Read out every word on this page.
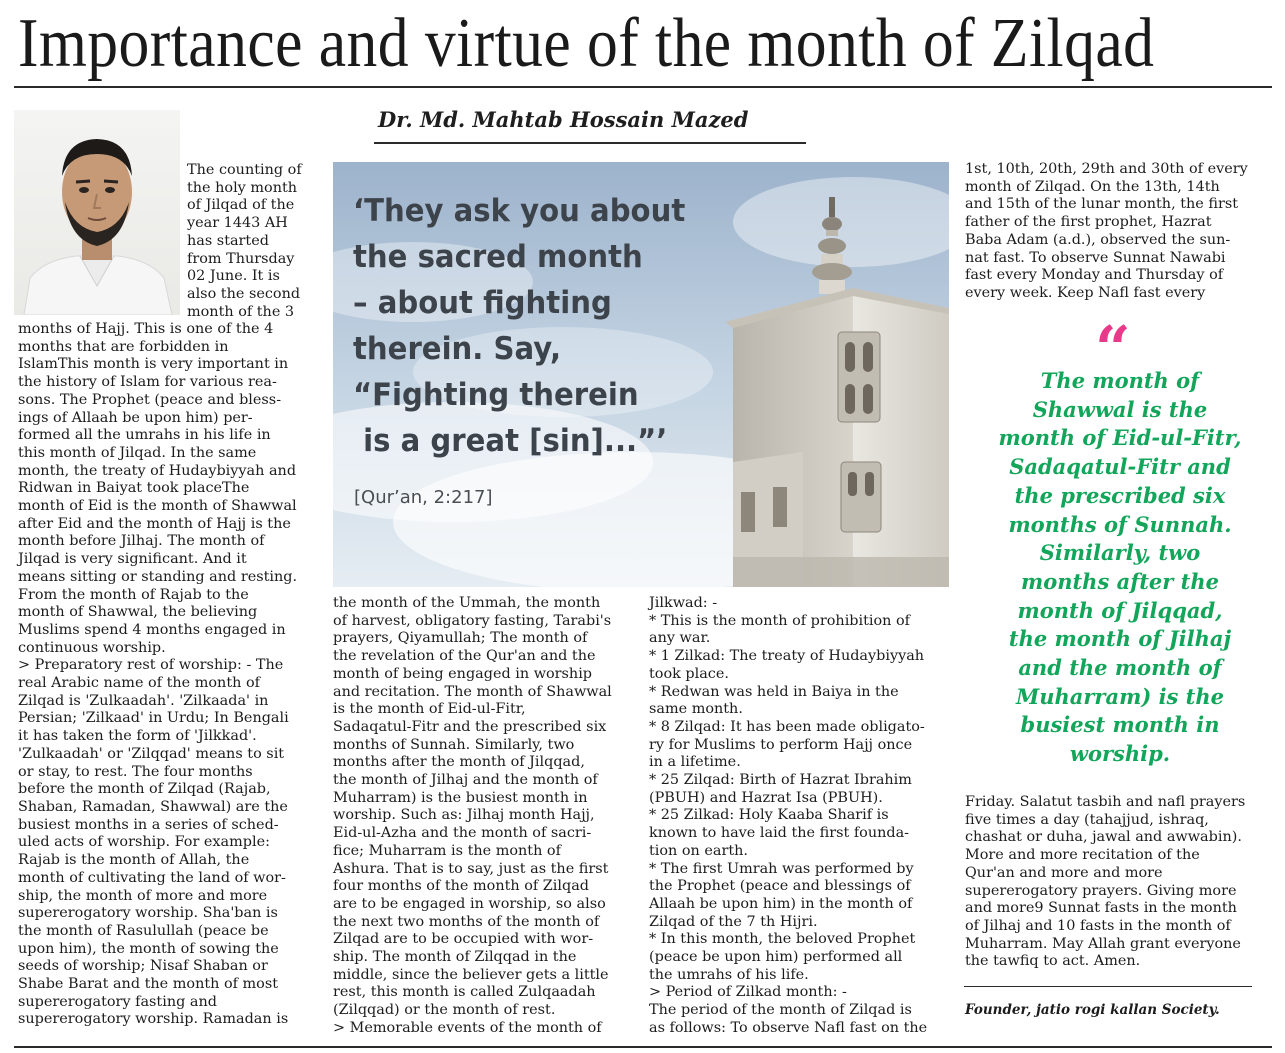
Importance and virtue of the month of Zilqad
Dr. Md. Mahtab Hossain Mazed

The counting of

the holy month

of Jilqad of the

year 1443 AH

has started

from Thursday

02 June. It is

also the second

month of the 3

months of Hajj. This is one of the 4

months that are forbidden in

IslamThis month is very important in

the history of Islam for various rea-

sons. The Prophet (peace and bless-

ings of Allaah be upon him) per-

formed all the umrahs in his life in

this month of Jilqad. In the same

month, the treaty of Hudaybiyyah and

Ridwan in Baiyat took placeThe

month of Eid is the month of Shawwal

after Eid and the month of Hajj is the

month before Jilhaj. The month of

Jilqad is very significant. And it

means sitting or standing and resting.

From the month of Rajab to the

month of Shawwal, the believing

Muslims spend 4 months engaged in

continuous worship.

> Preparatory rest of worship: - The

real Arabic name of the month of

Zilqad is 'Zulkaadah'. 'Zilkaada' in

Persian; 'Zilkaad' in Urdu; In Bengali

it has taken the form of 'Jilkkad'.

'Zulkaadah' or 'Zilqqad' means to sit

or stay, to rest. The four months

before the month of Zilqad (Rajab,

Shaban, Ramadan, Shawwal) are the

busiest months in a series of sched-

uled acts of worship. For example:

Rajab is the month of Allah, the

month of cultivating the land of wor-

ship, the month of more and more

supererogatory worship. Sha'ban is

the month of Rasulullah (peace be

upon him), the month of sowing the

seeds of worship; Nisaf Shaban or

Shabe Barat and the month of most

supererogatory fasting and

supererogatory worship. Ramadan is

‘They ask you about
the sacred month
– about fighting
therein. Say,
“Fighting therein
is a great [sin]...”’
[Qur’an, 2:217]

the month of the Ummah, the month

of harvest, obligatory fasting, Tarabi's

prayers, Qiyamullah; The month of

the revelation of the Qur'an and the

month of being engaged in worship

and recitation. The month of Shawwal

is the month of Eid-ul-Fitr,

Sadaqatul-Fitr and the prescribed six

months of Sunnah. Similarly, two

months after the month of Jilqqad,

the month of Jilhaj and the month of

Muharram) is the busiest month in

worship. Such as: Jilhaj month Hajj,

Eid-ul-Azha and the month of sacri-

fice; Muharram is the month of

Ashura. That is to say, just as the first

four months of the month of Zilqad

are to be engaged in worship, so also

the next two months of the month of

Zilqad are to be occupied with wor-

ship. The month of Zilqqad in the

middle, since the believer gets a little

rest, this month is called Zulqaadah

(Zilqqad) or the month of rest.

> Memorable events of the month of

Jilkwad: -

* This is the month of prohibition of

any war.

* 1 Zilkad: The treaty of Hudaybiyyah

took place.

* Redwan was held in Baiya in the

same month.

* 8 Zilqad: It has been made obligato-

ry for Muslims to perform Hajj once

in a lifetime.

* 25 Zilqad: Birth of Hazrat Ibrahim

(PBUH) and Hazrat Isa (PBUH).

* 25 Zilkad: Holy Kaaba Sharif is

known to have laid the first founda-

tion on earth.

* The first Umrah was performed by

the Prophet (peace and blessings of

Allaah be upon him) in the month of

Zilqad of the 7 th Hijri.

* In this month, the beloved Prophet

(peace be upon him) performed all

the umrahs of his life.

> Period of Zilkad month: -

The period of the month of Zilqad is

as follows: To observe Nafl fast on the

1st, 10th, 20th, 29th and 30th of every

month of Zilqad. On the 13th, 14th

and 15th of the lunar month, the first

father of the first prophet, Hazrat

Baba Adam (a.d.), observed the sun-

nat fast. To observe Sunnat Nawabi

fast every Monday and Thursday of

every week. Keep Nafl fast every

“
The month of
Shawwal is the
month of Eid-ul-Fitr,
Sadaqatul-Fitr and
the prescribed six
months of Sunnah.
Similarly, two
months after the
month of Jilqqad,
the month of Jilhaj
and the month of
Muharram) is the
busiest month in
worship.

Friday. Salatut tasbih and nafl prayers

five times a day (tahajjud, ishraq,

chashat or duha, jawal and awwabin).

More and more recitation of the

Qur'an and more and more

supererogatory prayers. Giving more

and more9 Sunnat fasts in the month

of Jilhaj and 10 fasts in the month of

Muharram. May Allah grant everyone

the tawfiq to act. Amen.

Founder, jatio rogi kallan Society.
